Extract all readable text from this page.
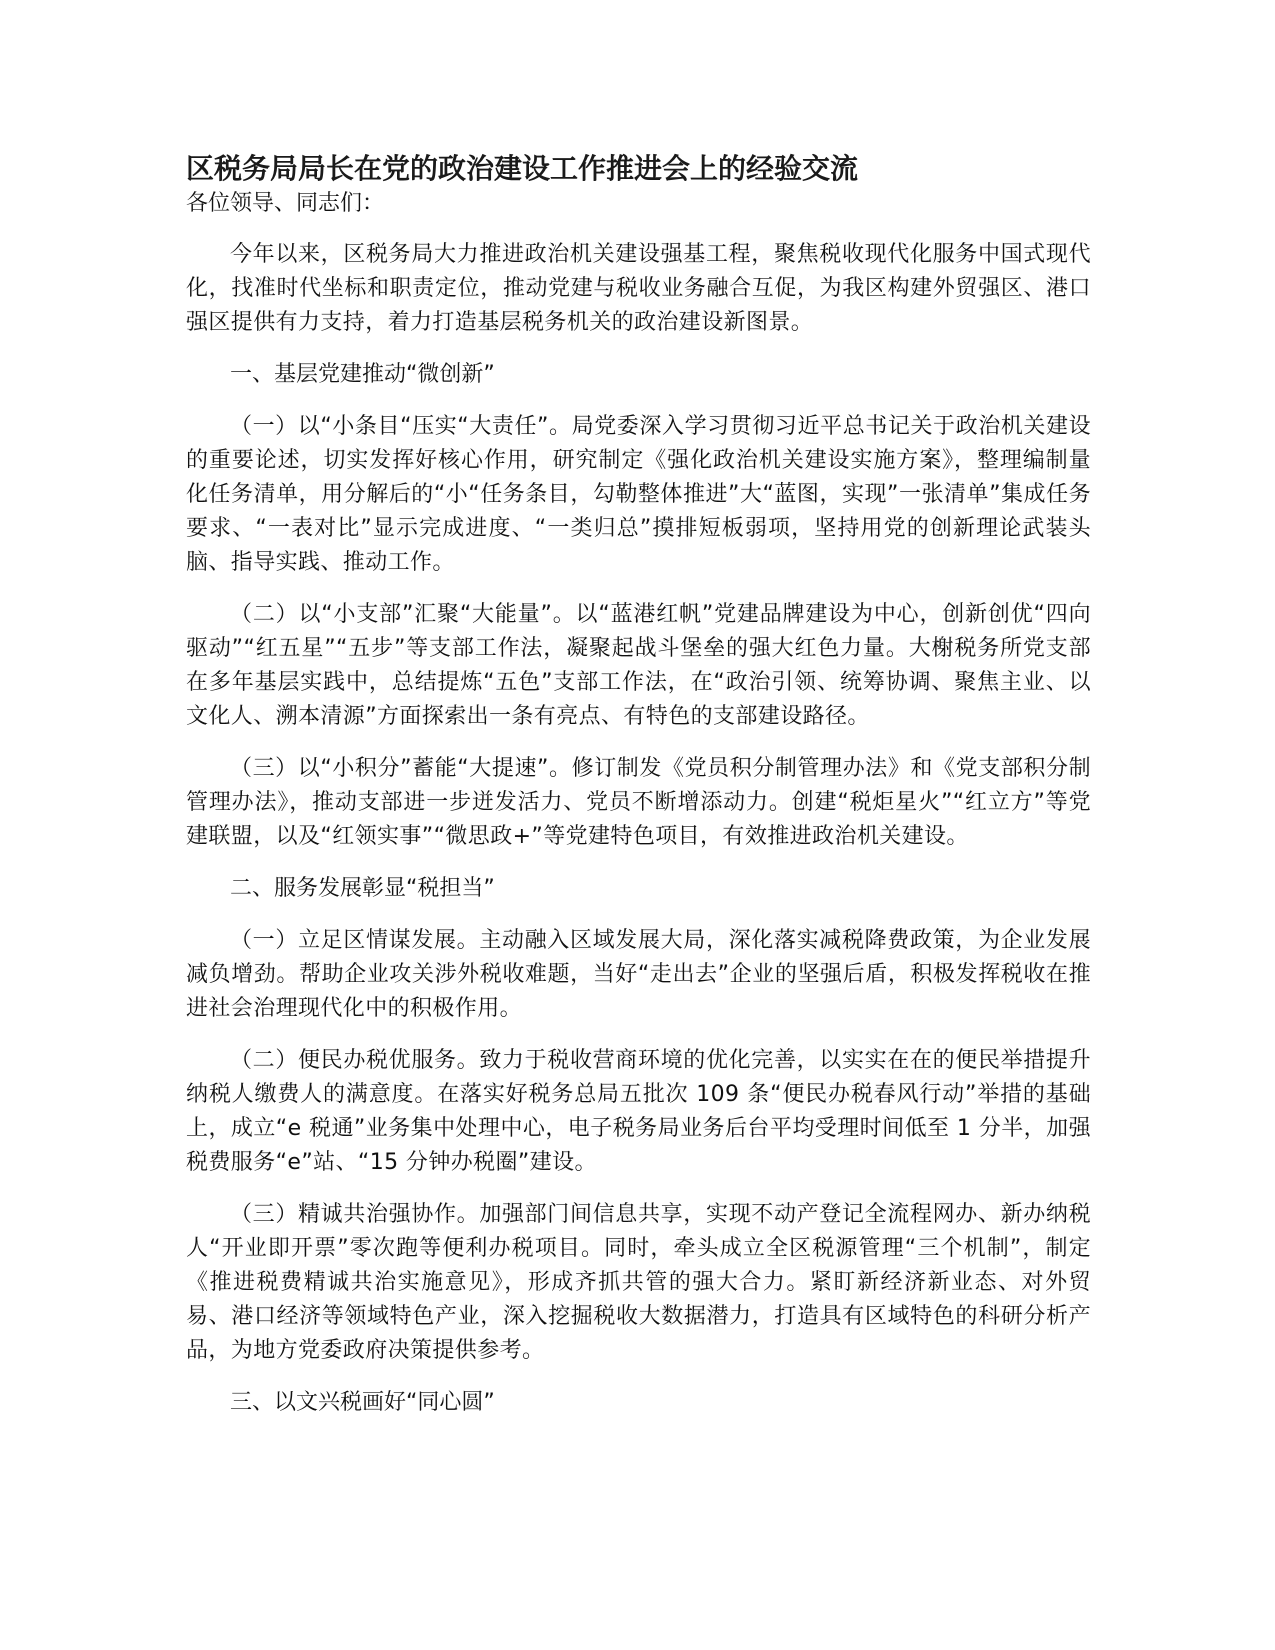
区税务局局长在党的政治建设工作推进会上的经验交流

各位领导、同志们：

今年以来，区税务局大力推进政治机关建设强基工程，聚焦税收现代化服务中国式现代化，找准时代坐标和职责定位，推动党建与税收业务融合互促，为我区构建外贸强区、港口强区提供有力支持，着力打造基层税务机关的政治建设新图景。

一、基层党建推动“微创新”

（一）以“小条目“压实“大责任”。局党委深入学习贯彻习近平总书记关于政治机关建设的重要论述，切实发挥好核心作用，研究制定《强化政治机关建设实施方案》，整理编制量化任务清单，用分解后的“小“任务条目，勾勒整体推进”大“蓝图，实现”一张清单”集成任务要求、“一表对比”显示完成进度、“一类归总”摸排短板弱项，坚持用党的创新理论武装头脑、指导实践、推动工作。

（二）以“小支部”汇聚“大能量”。以“蓝港红帆”党建品牌建设为中心，创新创优“四向驱动”“红五星”“五步”等支部工作法，凝聚起战斗堡垒的强大红色力量。大榭税务所党支部在多年基层实践中，总结提炼“五色”支部工作法，在“政治引领、统筹协调、聚焦主业、以文化人、溯本清源”方面探索出一条有亮点、有特色的支部建设路径。

（三）以“小积分”蓄能“大提速”。修订制发《党员积分制管理办法》和《党支部积分制管理办法》，推动支部进一步迸发活力、党员不断增添动力。创建“税炬星火”“红立方”等党建联盟，以及“红领实事”“微思政+”等党建特色项目，有效推进政治机关建设。

二、服务发展彰显“税担当”

（一）立足区情谋发展。主动融入区域发展大局，深化落实减税降费政策，为企业发展减负增劲。帮助企业攻关涉外税收难题，当好“走出去”企业的坚强后盾，积极发挥税收在推进社会治理现代化中的积极作用。

（二）便民办税优服务。致力于税收营商环境的优化完善，以实实在在的便民举措提升纳税人缴费人的满意度。在落实好税务总局五批次 109 条“便民办税春风行动”举措的基础上，成立“e 税通”业务集中处理中心，电子税务局业务后台平均受理时间低至 1 分半，加强税费服务“e”站、“15 分钟办税圈”建设。

（三）精诚共治强协作。加强部门间信息共享，实现不动产登记全流程网办、新办纳税人“开业即开票”零次跑等便利办税项目。同时，牵头成立全区税源管理“三个机制”，制定《推进税费精诚共治实施意见》，形成齐抓共管的强大合力。紧盯新经济新业态、对外贸易、港口经济等领域特色产业，深入挖掘税收大数据潜力，打造具有区域特色的科研分析产品，为地方党委政府决策提供参考。

三、以文兴税画好“同心圆”
